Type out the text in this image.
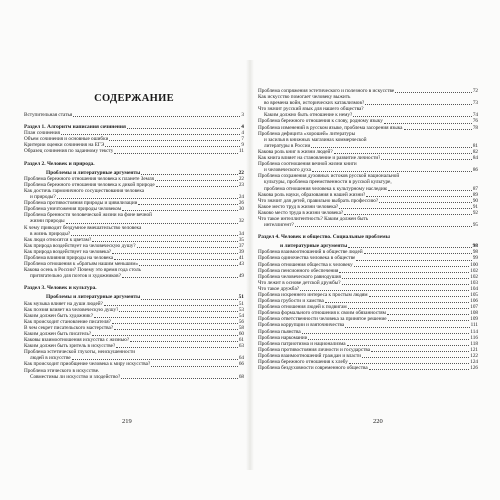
СОДЕРЖАНИЕ
Вступительная статья	3
Раздел 1. Алгоритм написания сочинения	4
План сочинения	4
Объем сочинения и основные ошибки	7
Критерии оценки сочинения на ЕГЭ	9
Образец сочинения по заданному тексту	11
Раздел 2. Человек и природа.
Проблемы и литературные аргументы	22
Проблема бережного отношения человека к планете Земля	22
Проблема бережного отношения человека к дикой природе	23
Как достичь гармоничного сосуществования человека
и природы?	24
Проблема противостояния природы и цивилизации	26
Проблема уничтожения природы человеком	30
Проблема бренности человеческой жизни на фоне вечной
жизни природы	32
К чему приводит бездумное вмешательство человека
в жизнь природы?	34
Как люди относятся к цветам?	35
Как природа воздействует на человеческую душу?	37
Как природа воздействует на человека?	39
Проблема влияния природы на человека	41
Проблема отношения к «братьям нашим меньшим»	43
Какова осень в России? Почему это время года столь
притягательно для поэтов и художников?	49
Раздел 3. Человек и культура.
Проблемы и литературные аргументы	51
Как музыка влияет на души людей?	51
Как поэзия влияет на человеческую душу?	53
Каким должен быть художник?	54
Как происходит становление писателя?	56
В чем секрет писательского мастерства?	58
Каким должен быть писатель?	60
Каковы взаимоотношения искусства с жизнью?	61
Каким должен быть зритель в искусстве?	63
Проблема эстетической глухоты, неискушенности
людей в искусстве	64
Как происходит приобщение человека к миру искусства?	66
Проблема этического в искусстве.
Совместимы ли искусство и злодейство?	68
219
Проблема сопряжения эстетического и полезного в искусстве	72
Как искусство помогает человеку выжить
во времена войн, исторических катаклизмов?	73
Что значит русский язык для нашего общества?
Каким должно быть отношение к нему?	74
Проблема бережного отношения к слову, родному языку	76
Проблема изменений в русском языке, проблема засорения языка	78
Проблема дефицита «хорошей» литературы
и засилья в книжных магазинах коммерческой
литературы в России	81
Какова роль книг в жизни людей?	82
Как книга влияет на становление и развитие личности?	84
Проблема соотношения вечной жизни книги
и человеческого духа	86
Проблема сохранения духовных истоков русской национальной
культуры, проблема преемственности в русской культуре,
проблема отношения человека к культурному наследию	87
Какова роль науки, образования в нашей жизни?	89
Что значит для детей, правильно выбрать профессию?	90
Какое место труд в жизни человека?	91
Каково место труда в жизни человека?	92
Что такое интеллигентность? Каким должен быть
интеллигент?	95
Раздел 4. Человек и общество. Социальные проблемы
и литературные аргументы	98
Проблема взаимоотношений в обществе людей	98
Проблема одиночества человека в обществе	99
Проблема отношения общества к человеку	100
Проблема пенсионного обеспечения	102
Проблема человеческого равнодушия	102
Что лежит в основе детской дружбы?	103
Что такое дружба?	104
Проблема искреннего интереса к простым людям	105
Проблема грубости и хамства	106
Проблема отношения людей к подвигам	107
Проблема формального отношения к своим обязанностям	108
Проблема ответственности человека за принятое решение	109
Проблема коррупции и взяточничества	111
Проблема пьянства	114
Проблема наркомании	116
Проблема патриотизма и национализма	118
Проблема противостояния личности и государства	121
Проблема взаимоотношений граждан и власти	122
Проблема бережного отношения к хлебу	124
Проблема бездуховности современного общества	126
220
